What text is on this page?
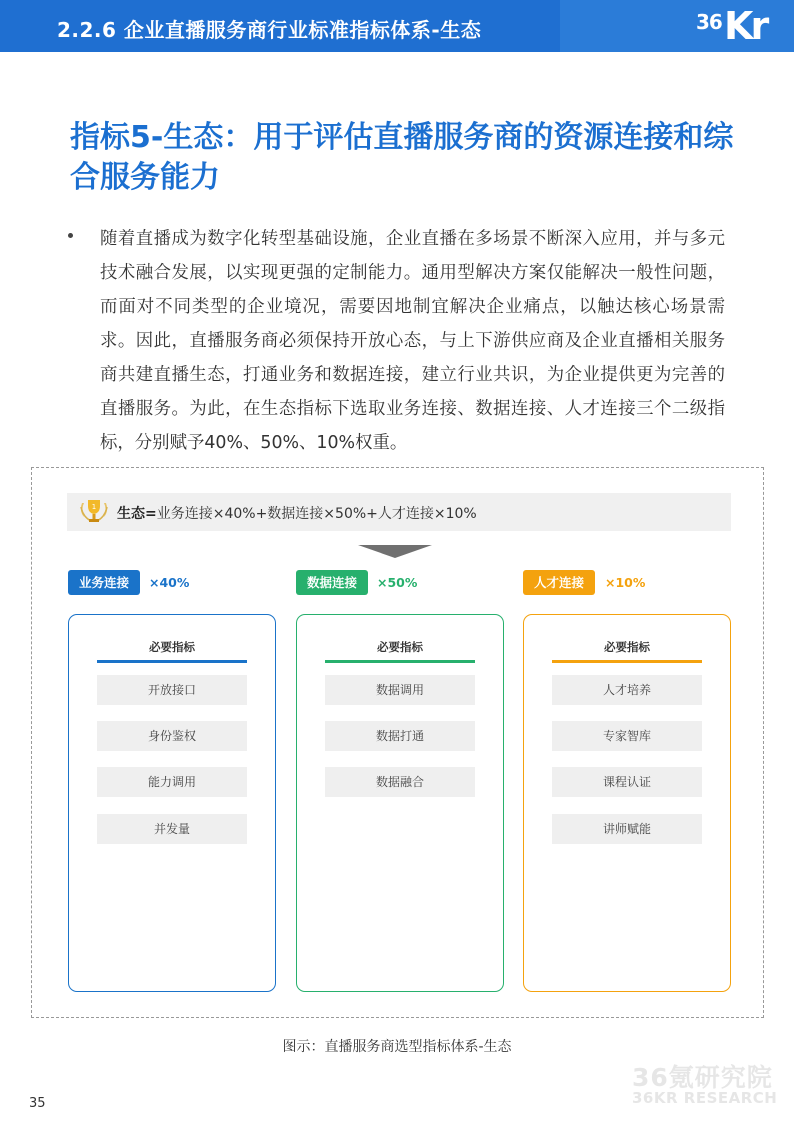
2.2.6 企业直播服务商行业标准指标体系-生态	36 Kr
指标5-生态：用于评估直播服务商的资源连接和综合服务能力
随着直播成为数字化转型基础设施，企业直播在多场景不断深入应用，并与多元技术融合发展，以实现更强的定制能力。通用型解决方案仅能解决一般性问题，而面对不同类型的企业境况，需要因地制宜解决企业痛点，以触达核心场景需求。因此，直播服务商必须保持开放心态，与上下游供应商及企业直播相关服务商共建直播生态，打通业务和数据连接，建立行业共识，为企业提供更为完善的直播服务。为此，在生态指标下选取业务连接、数据连接、人才连接三个二级指标，分别赋予40%、50%、10%权重。
1 生态=业务连接×40%+数据连接×50%+人才连接×10%
业务连接	×40%
必要指标
开放接口
身份鉴权
能力调用
并发量
数据连接	×50%
必要指标
数据调用
数据打通
数据融合
人才连接	×10%
必要指标
人才培养
专家智库
课程认证
讲师赋能
图示：直播服务商选型指标体系-生态
36氪研究院
36KR RESEARCH
35
